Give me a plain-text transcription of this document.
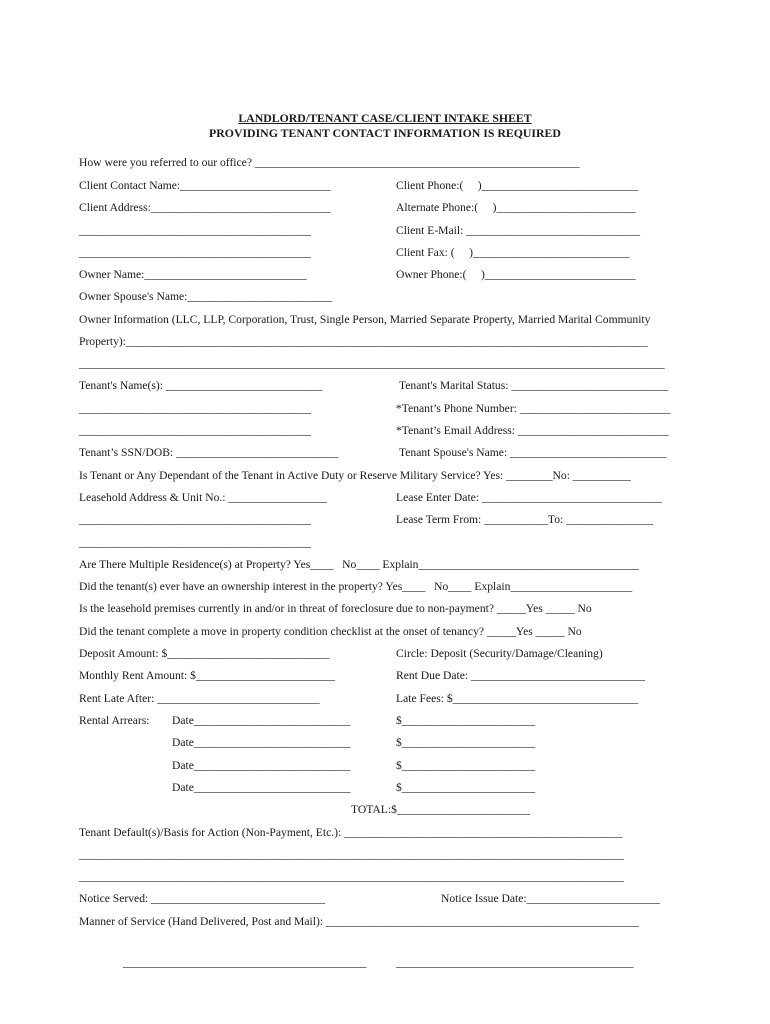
LANDLORD/TENANT CASE/CLIENT INTAKE SHEET
PROVIDING TENANT CONTACT INFORMATION IS REQUIRED
How were you referred to our office? ________________________________________________________
Client Contact Name:__________________________	Client Phone:(     )___________________________
Client Address:_______________________________	Alternate Phone:(     )________________________
________________________________________	Client E-Mail: ______________________________
________________________________________	Client Fax: (     )___________________________
Owner Name:____________________________	Owner Phone:(     )__________________________
Owner Spouse's Name:_________________________
Owner Information (LLC, LLP, Corporation, Trust, Single Person, Married Separate Property, Married Marital Community
Property):__________________________________________________________________________________________
_____________________________________________________________________________________________________
Tenant's Name(s): ___________________________	Tenant's Marital Status: ___________________________
________________________________________	*Tenant’s Phone Number: __________________________
________________________________________	*Tenant’s Email Address: __________________________
Tenant’s SSN/DOB: ____________________________	Tenant Spouse's Name: ___________________________
Is Tenant or Any Dependant of the Tenant in Active Duty or Reserve Military Service? Yes: ________No: __________
Leasehold Address & Unit No.: _________________	Lease Enter Date: _______________________________
________________________________________	Lease Term From: ___________To: _______________
________________________________________
Are There Multiple Residence(s) at Property? Yes____   No____ Explain______________________________________
Did the tenant(s) ever have an ownership interest in the property? Yes____   No____ Explain_____________________
Is the leasehold premises currently in and/or in threat of foreclosure due to non-payment? _____Yes _____ No
Did the tenant complete a move in property condition checklist at the onset of tenancy? _____Yes _____ No
Deposit Amount: $____________________________	Circle: Deposit (Security/Damage/Cleaning)
Monthly Rent Amount: $________________________	Rent Due Date: ______________________________
Rent Late After: ____________________________	Late Fees: $________________________________
Rental Arrears: Date___________________________	$_______________________
Date___________________________	$_______________________
Date___________________________	$_______________________
Date___________________________	$_______________________
TOTAL:$_______________________
Tenant Default(s)/Basis for Action (Non-Payment, Etc.): ________________________________________________
______________________________________________________________________________________________
______________________________________________________________________________________________
Notice Served: ______________________________	Notice Issue Date:_______________________
Manner of Service (Hand Delivered, Post and Mail): ______________________________________________________
__________________________________________	_________________________________________
